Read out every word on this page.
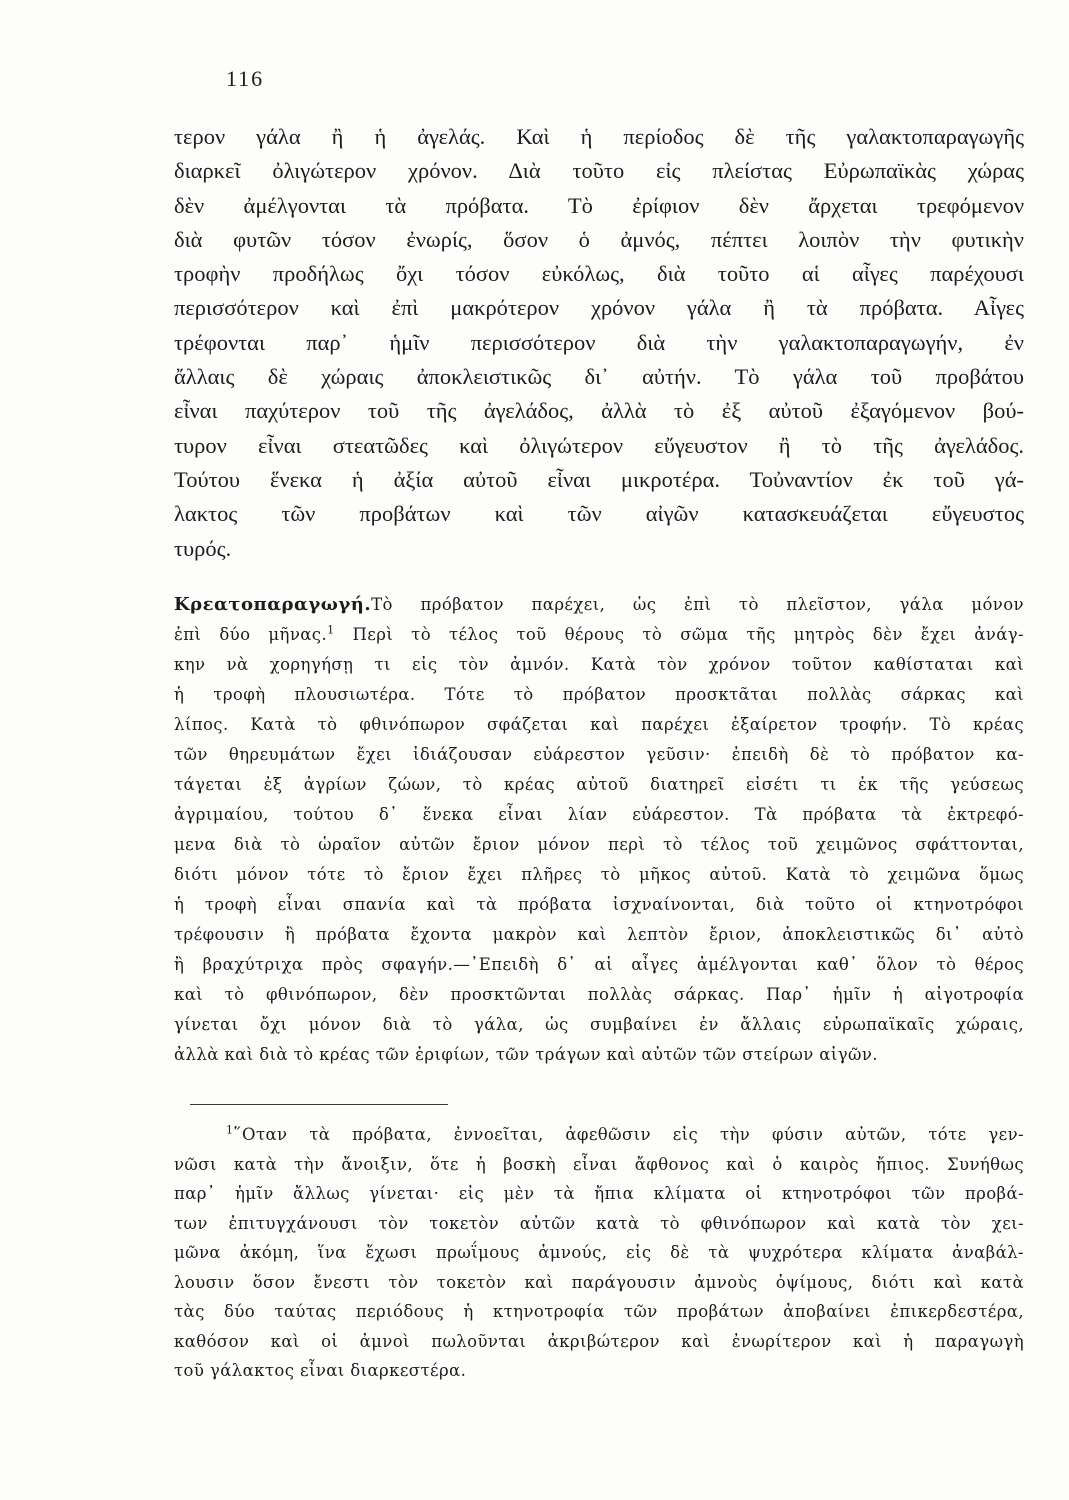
116
τερον γάλα ἢ ἡ ἀγελάς. Καὶ ἡ περίοδος δὲ τῆς γαλακτοπαραγωγῆς
διαρκεῖ ὀλιγώτερον χρόνον. Διὰ τοῦτο εἰς πλείστας Εὐρωπαϊκὰς χώρας
δὲν ἀμέλγονται τὰ πρόβατα. Τὸ ἐρίφιον δὲν ἄρχεται τρεφόμενον
διὰ φυτῶν τόσον ἐνωρίς, ὅσον ὁ ἀμνός, πέπτει λοιπὸν τὴν φυτικὴν
τροφὴν προδήλως ὄχι τόσον εὐκόλως, διὰ τοῦτο αἱ αἶγες παρέχουσι
περισσότερον καὶ ἐπὶ μακρότερον χρόνον γάλα ἢ τὰ πρόβατα. Αἶγες
τρέφονται παρ᾽ ἡμῖν περισσότερον διὰ τὴν γαλακτοπαραγωγήν, ἐν
ἄλλαις δὲ χώραις ἀποκλειστικῶς δι᾽ αὐτήν. Τὸ γάλα τοῦ προβάτου
εἶναι παχύτερον τοῦ τῆς ἀγελάδος, ἀλλὰ τὸ ἐξ αὐτοῦ ἐξαγόμενον βού-
τυρον εἶναι στεατῶδες καὶ ὀλιγώτερον εὔγευστον ἢ τὸ τῆς ἀγελάδος.
Τούτου ἕνεκα ἡ ἀξία αὐτοῦ εἶναι μικροτέρα. Τοὐναντίον ἐκ τοῦ γά-
λακτος τῶν προβάτων καὶ τῶν αἰγῶν κατασκευάζεται εὔγευστος
τυρός.
Κρεατοπαραγωγή.Τὸ πρόβατον παρέχει, ὡς ἐπὶ τὸ πλεῖστον, γάλα μόνον
ἐπὶ δύο μῆνας.$^1$ Περὶ τὸ τέλος τοῦ θέρους τὸ σῶμα τῆς μητρὸς δὲν ἔχει ἀνάγ-
κην νὰ χορηγήσῃ τι εἰς τὸν ἀμνόν. Κατὰ τὸν χρόνον τοῦτον καθίσταται καὶ
ἡ τροφὴ πλουσιωτέρα. Τότε τὸ πρόβατον προσκτᾶται πολλὰς σάρκας καὶ
λίπος. Κατὰ τὸ φθινόπωρον σφάζεται καὶ παρέχει ἐξαίρετον τροφήν. Τὸ κρέας
τῶν θηρευμάτων ἔχει ἰδιάζουσαν εὐάρεστον γεῦσιν· ἐπειδὴ δὲ τὸ πρόβατον κα-
τάγεται ἐξ ἀγρίων ζώων, τὸ κρέας αὐτοῦ διατηρεῖ εἰσέτι τι ἐκ τῆς γεύσεως
ἀγριμαίου, τούτου δ᾽ ἕνεκα εἶναι λίαν εὐάρεστον. Τὰ πρόβατα τὰ ἐκτρεφό-
μενα διὰ τὸ ὡραῖον αὐτῶν ἔριον μόνον περὶ τὸ τέλος τοῦ χειμῶνος σφάττονται,
διότι μόνον τότε τὸ ἔριον ἔχει πλῆρες τὸ μῆκος αὐτοῦ. Κατὰ τὸ χειμῶνα ὅμως
ἡ τροφὴ εἶναι σπανία καὶ τὰ πρόβατα ἰσχναίνονται, διὰ τοῦτο οἱ κτηνοτρόφοι
τρέφουσιν ἢ πρόβατα ἔχοντα μακρὸν καὶ λεπτὸν ἔριον, ἀποκλειστικῶς δι᾽ αὐτὸ
ἢ βραχύτριχα πρὸς σφαγήν.—᾽Επειδὴ δ᾽ αἱ αἶγες ἀμέλγονται καθ᾽ ὅλον τὸ θέρος
καὶ τὸ φθινόπωρον, δὲν προσκτῶνται πολλὰς σάρκας. Παρ᾽ ἡμῖν ἡ αἰγοτροφία
γίνεται ὄχι μόνον διὰ τὸ γάλα, ὡς συμβαίνει ἐν ἄλλαις εὐρωπαϊκαῖς χώραις,
ἀλλὰ καὶ διὰ τὸ κρέας τῶν ἐριφίων, τῶν τράγων καὶ αὐτῶν τῶν στείρων αἰγῶν.
$^1$῞Οταν τὰ πρόβατα, ἐννοεῖται, ἀφεθῶσιν εἰς τὴν φύσιν αὐτῶν, τότε γεν-
νῶσι κατὰ τὴν ἄνοιξιν, ὅτε ἡ βοσκὴ εἶναι ἄφθονος καὶ ὁ καιρὸς ἤπιος. Συνήθως
παρ᾽ ἡμῖν ἄλλως γίνεται· εἰς μὲν τὰ ἤπια κλίματα οἱ κτηνοτρόφοι τῶν προβά-
των ἐπιτυγχάνουσι τὸν τοκετὸν αὐτῶν κατὰ τὸ φθινόπωρον καὶ κατὰ τὸν χει-
μῶνα ἀκόμη, ἵνα ἔχωσι πρωΐμους ἀμνούς, εἰς δὲ τὰ ψυχρότερα κλίματα ἀναβάλ-
λουσιν ὅσον ἔνεστι τὸν τοκετὸν καὶ παράγουσιν ἀμνοὺς ὀψίμους, διότι καὶ κατὰ
τὰς δύο ταύτας περιόδους ἡ κτηνοτροφία τῶν προβάτων ἀποβαίνει ἐπικερδεστέρα,
καθόσον καὶ οἱ ἀμνοὶ πωλοῦνται ἀκριβώτερον καὶ ἐνωρίτερον καὶ ἡ παραγωγὴ
τοῦ γάλακτος εἶναι διαρκεστέρα.
